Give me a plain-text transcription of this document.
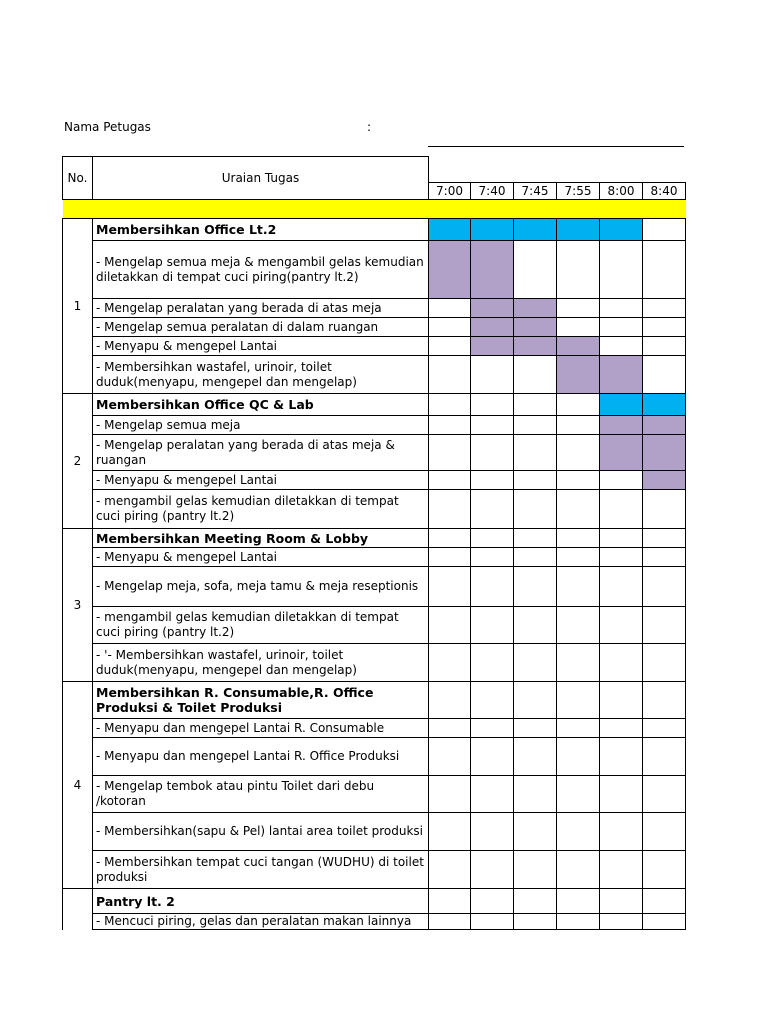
Nama Petugas	:
No.	Uraian Tugas						
		7:00	7:40	7:45	7:55	8:00	8:40

1	Membersihkan Office Lt.2						
	- Mengelap semua meja & mengambil gelas kemudian diletakkan di tempat cuci piring(pantry lt.2)						
	- Mengelap peralatan yang berada di atas meja						
	- Mengelap semua peralatan di dalam ruangan						
	- Menyapu & mengepel Lantai						
	- Membersihkan wastafel, urinoir, toilet duduk(menyapu, mengepel dan mengelap)						
2	Membersihkan Office QC & Lab						
	- Mengelap semua meja						
	- Mengelap peralatan yang berada di atas meja & ruangan						
	- Menyapu & mengepel Lantai						
	- mengambil gelas kemudian diletakkan di tempat cuci piring (pantry lt.2)						
3	Membersihkan Meeting Room & Lobby						
	- Menyapu & mengepel Lantai						
	- Mengelap meja, sofa, meja tamu & meja reseptionis						
	- mengambil gelas kemudian diletakkan di tempat cuci piring (pantry lt.2)						
	- '- Membersihkan wastafel, urinoir, toilet duduk(menyapu, mengepel dan mengelap)						
4	Membersihkan R. Consumable,R. Office Produksi & Toilet Produksi						
	- Menyapu dan mengepel Lantai R. Consumable						
	- Menyapu dan mengepel Lantai R. Office Produksi						
	- Mengelap tembok atau pintu Toilet dari debu /kotoran						
	- Membersihkan(sapu & Pel) lantai area toilet produksi						
	- Membersihkan tempat cuci tangan (WUDHU) di toilet produksi						
	Pantry lt. 2						
	- Mencuci piring, gelas dan peralatan makan lainnya						
